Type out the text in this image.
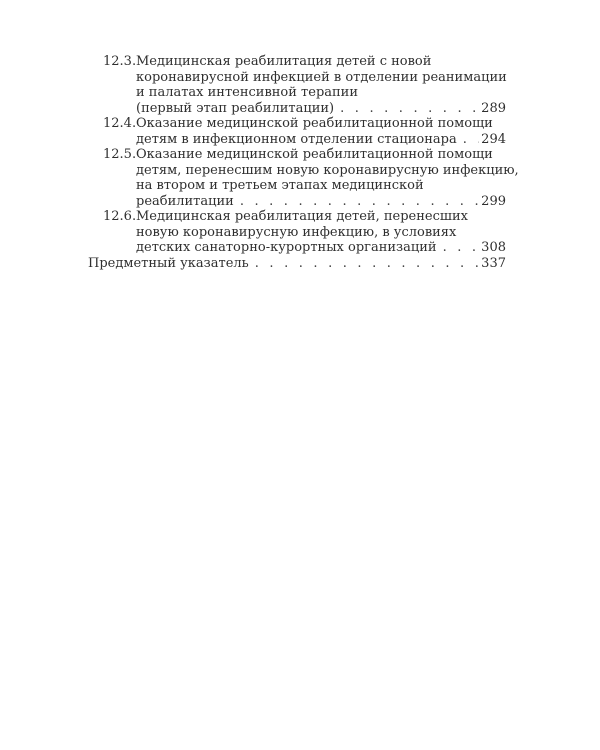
12.3. Медицинская реабилитация детей с новой
коронавирусной инфекцией в отделении реанимации
и палатах интенсивной терапии
(первый этап реабилитации) . . .	289
12.4. Оказание медицинской реабилитационной помощи
детям в инфекционном отделении стационара . . . 294
12.5. Оказание медицинской реабилитационной помощи
детям, перенесшим новую коронавирусную инфекцию,
на втором и третьем этапах медицинской
реабилитации . . .	299
12.6. Медицинская реабилитация детей, перенесших
новую коронавирусную инфекцию, в условиях
детских санаторно-курортных организаций . . .	308
Предметный указатель . . .	337
